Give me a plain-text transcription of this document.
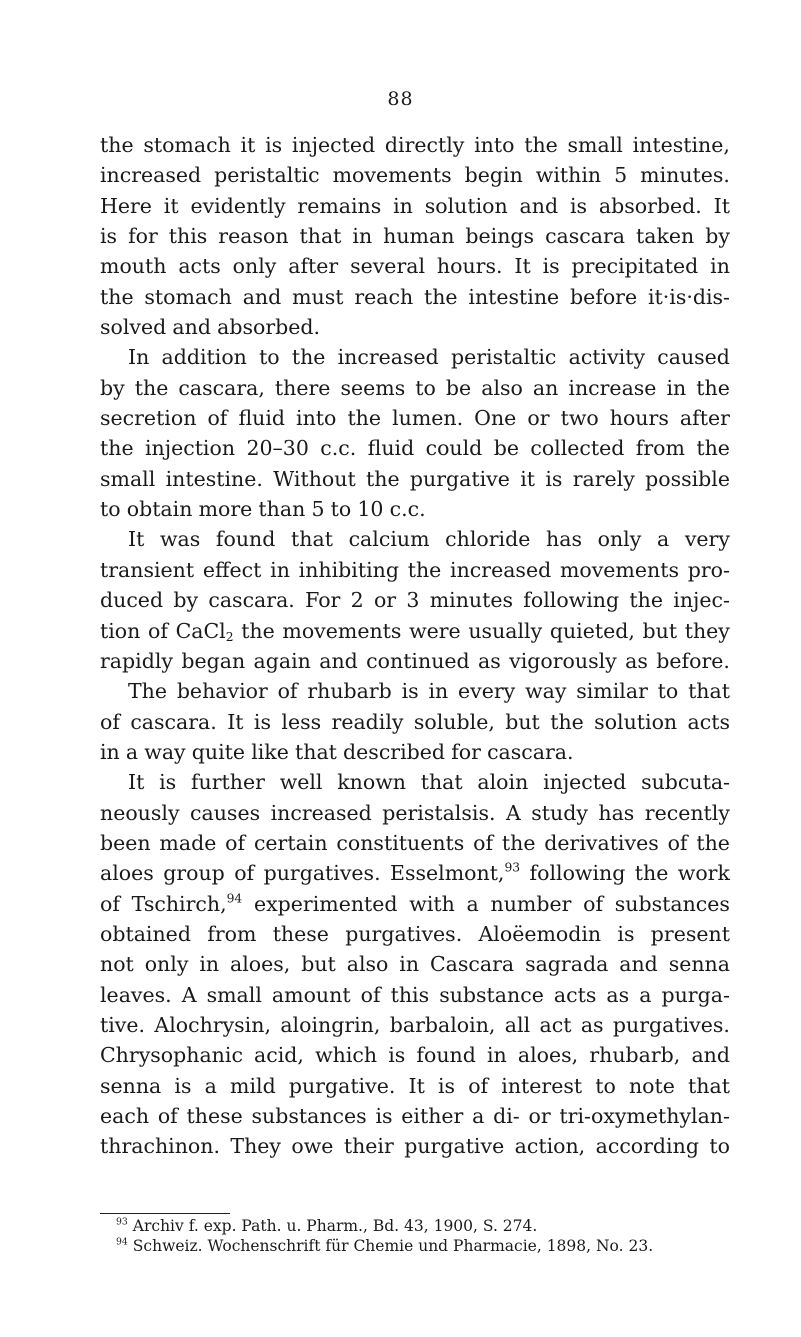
88
the stomach it is injected directly into the small intestine,
increased peristaltic movements begin within 5 minutes.
Here it evidently remains in solution and is absorbed. It
is for this reason that in human beings cascara taken by
mouth acts only after several hours. It is precipitated in
the stomach and must reach the intestine before it·is·dis-
solved and absorbed.
In addition to the increased peristaltic activity caused
by the cascara, there seems to be also an increase in the
secretion of fluid into the lumen. One or two hours after
the injection 20–30 c.c. fluid could be collected from the
small intestine. Without the purgative it is rarely possible
to obtain more than 5 to 10 c.c.
It was found that calcium chloride has only a very
transient effect in inhibiting the increased movements pro-
duced by cascara. For 2 or 3 minutes following the injec-
tion of CaCl$_2$ the movements were usually quieted, but they
rapidly began again and continued as vigorously as before.
The behavior of rhubarb is in every way similar to that
of cascara. It is less readily soluble, but the solution acts
in a way quite like that described for cascara.
It is further well known that aloin injected subcuta-
neously causes increased peristalsis. A study has recently
been made of certain constituents of the derivatives of the
aloes group of purgatives. Esselmont,$^{93}$ following the work
of Tschirch,$^{94}$ experimented with a number of substances
obtained from these purgatives. Aloëemodin is present
not only in aloes, but also in Cascara sagrada and senna
leaves. A small amount of this substance acts as a purga-
tive. Alochrysin, aloingrin, barbaloin, all act as purgatives.
Chrysophanic acid, which is found in aloes, rhubarb, and
senna is a mild purgative. It is of interest to note that
each of these substances is either a di- or tri-oxymethylan-
thrachinon. They owe their purgative action, according to
$^{93}$ Archiv f. exp. Path. u. Pharm., Bd. 43, 1900, S. 274.
$^{94}$ Schweiz. Wochenschrift für Chemie und Pharmacie, 1898, No. 23.
